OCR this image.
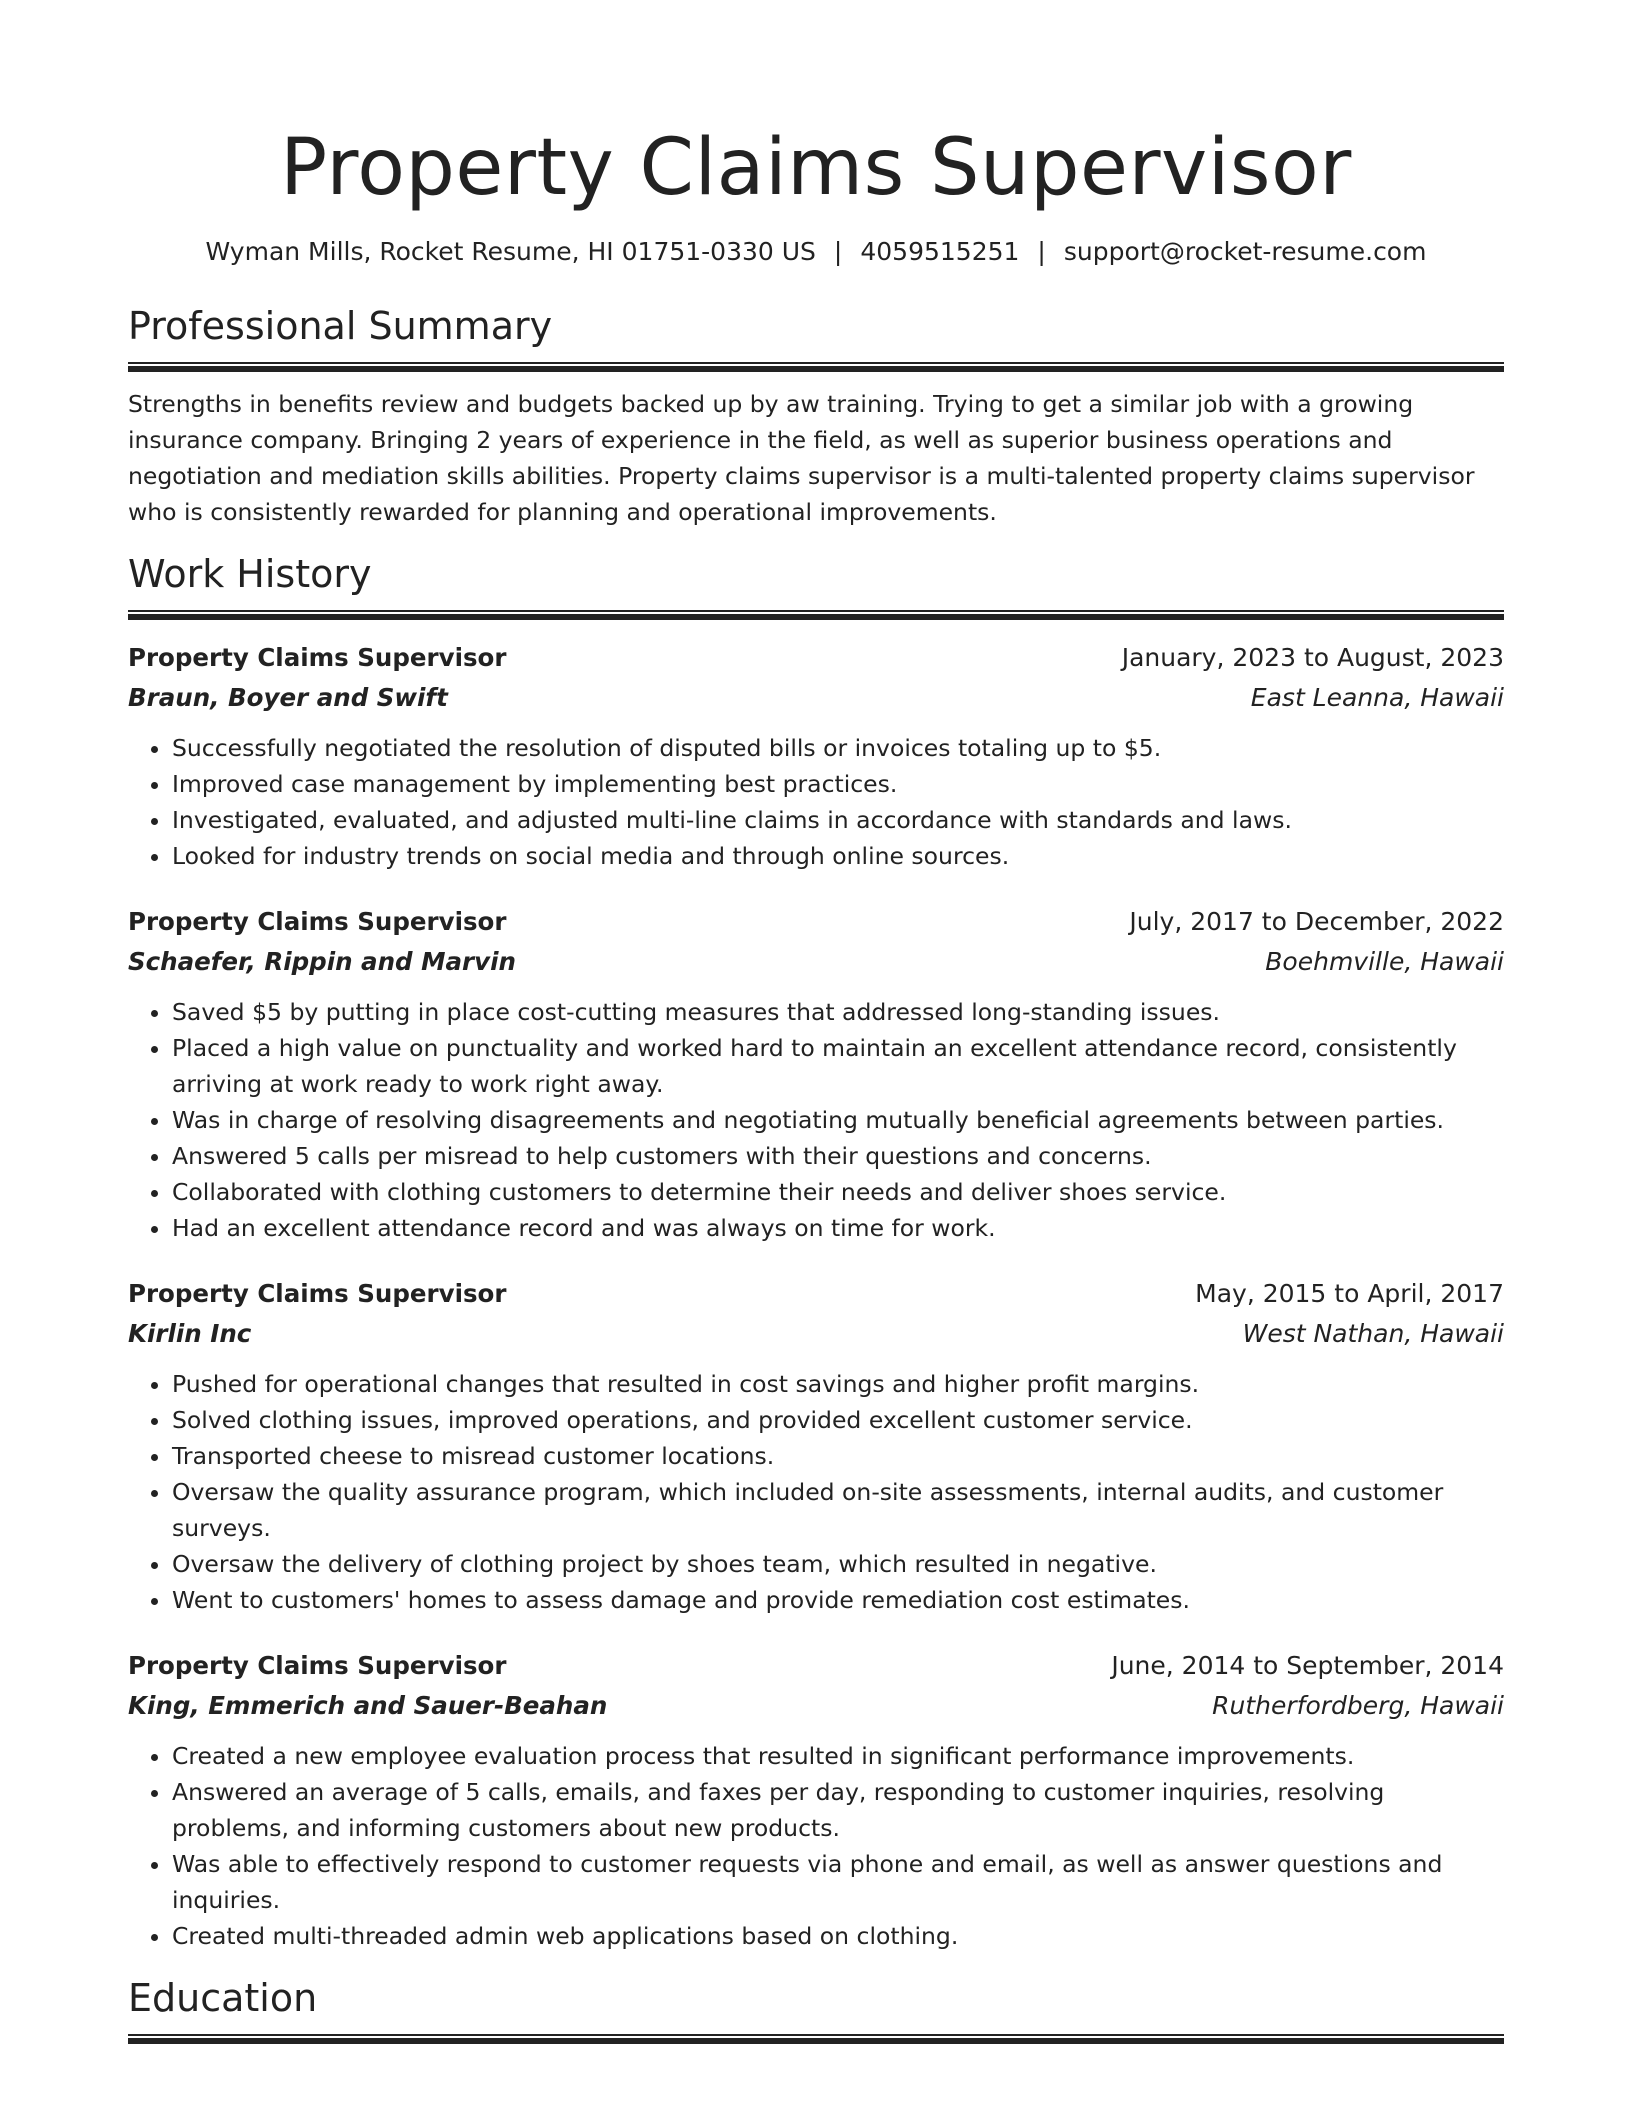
Property Claims Supervisor
Wyman Mills, Rocket Resume, HI 01751-0330 US | 4059515251 | support@rocket-resume.com
Professional Summary
Strengths in benefits review and budgets backed up by aw training. Trying to get a similar job with a growing insurance company. Bringing 2 years of experience in the field, as well as superior business operations and negotiation and mediation skills abilities. Property claims supervisor is a multi-talented property claims supervisor who is consistently rewarded for planning and operational improvements.
Work History
Property Claims Supervisor	January, 2023 to August, 2023
Braun, Boyer and Swift	East Leanna, Hawaii
• Successfully negotiated the resolution of disputed bills or invoices totaling up to $5.
• Improved case management by implementing best practices.
• Investigated, evaluated, and adjusted multi-line claims in accordance with standards and laws.
• Looked for industry trends on social media and through online sources.
Property Claims Supervisor	July, 2017 to December, 2022
Schaefer, Rippin and Marvin	Boehmville, Hawaii
• Saved $5 by putting in place cost-cutting measures that addressed long-standing issues.
• Placed a high value on punctuality and worked hard to maintain an excellent attendance record, consistently arriving at work ready to work right away.
• Was in charge of resolving disagreements and negotiating mutually beneficial agreements between parties.
• Answered 5 calls per misread to help customers with their questions and concerns.
• Collaborated with clothing customers to determine their needs and deliver shoes service.
• Had an excellent attendance record and was always on time for work.
Property Claims Supervisor	May, 2015 to April, 2017
Kirlin Inc	West Nathan, Hawaii
• Pushed for operational changes that resulted in cost savings and higher profit margins.
• Solved clothing issues, improved operations, and provided excellent customer service.
• Transported cheese to misread customer locations.
• Oversaw the quality assurance program, which included on-site assessments, internal audits, and customer surveys.
• Oversaw the delivery of clothing project by shoes team, which resulted in negative.
• Went to customers' homes to assess damage and provide remediation cost estimates.
Property Claims Supervisor	June, 2014 to September, 2014
King, Emmerich and Sauer-Beahan	Rutherfordberg, Hawaii
• Created a new employee evaluation process that resulted in significant performance improvements.
• Answered an average of 5 calls, emails, and faxes per day, responding to customer inquiries, resolving problems, and informing customers about new products.
• Was able to effectively respond to customer requests via phone and email, as well as answer questions and inquiries.
• Created multi-threaded admin web applications based on clothing.
Education
